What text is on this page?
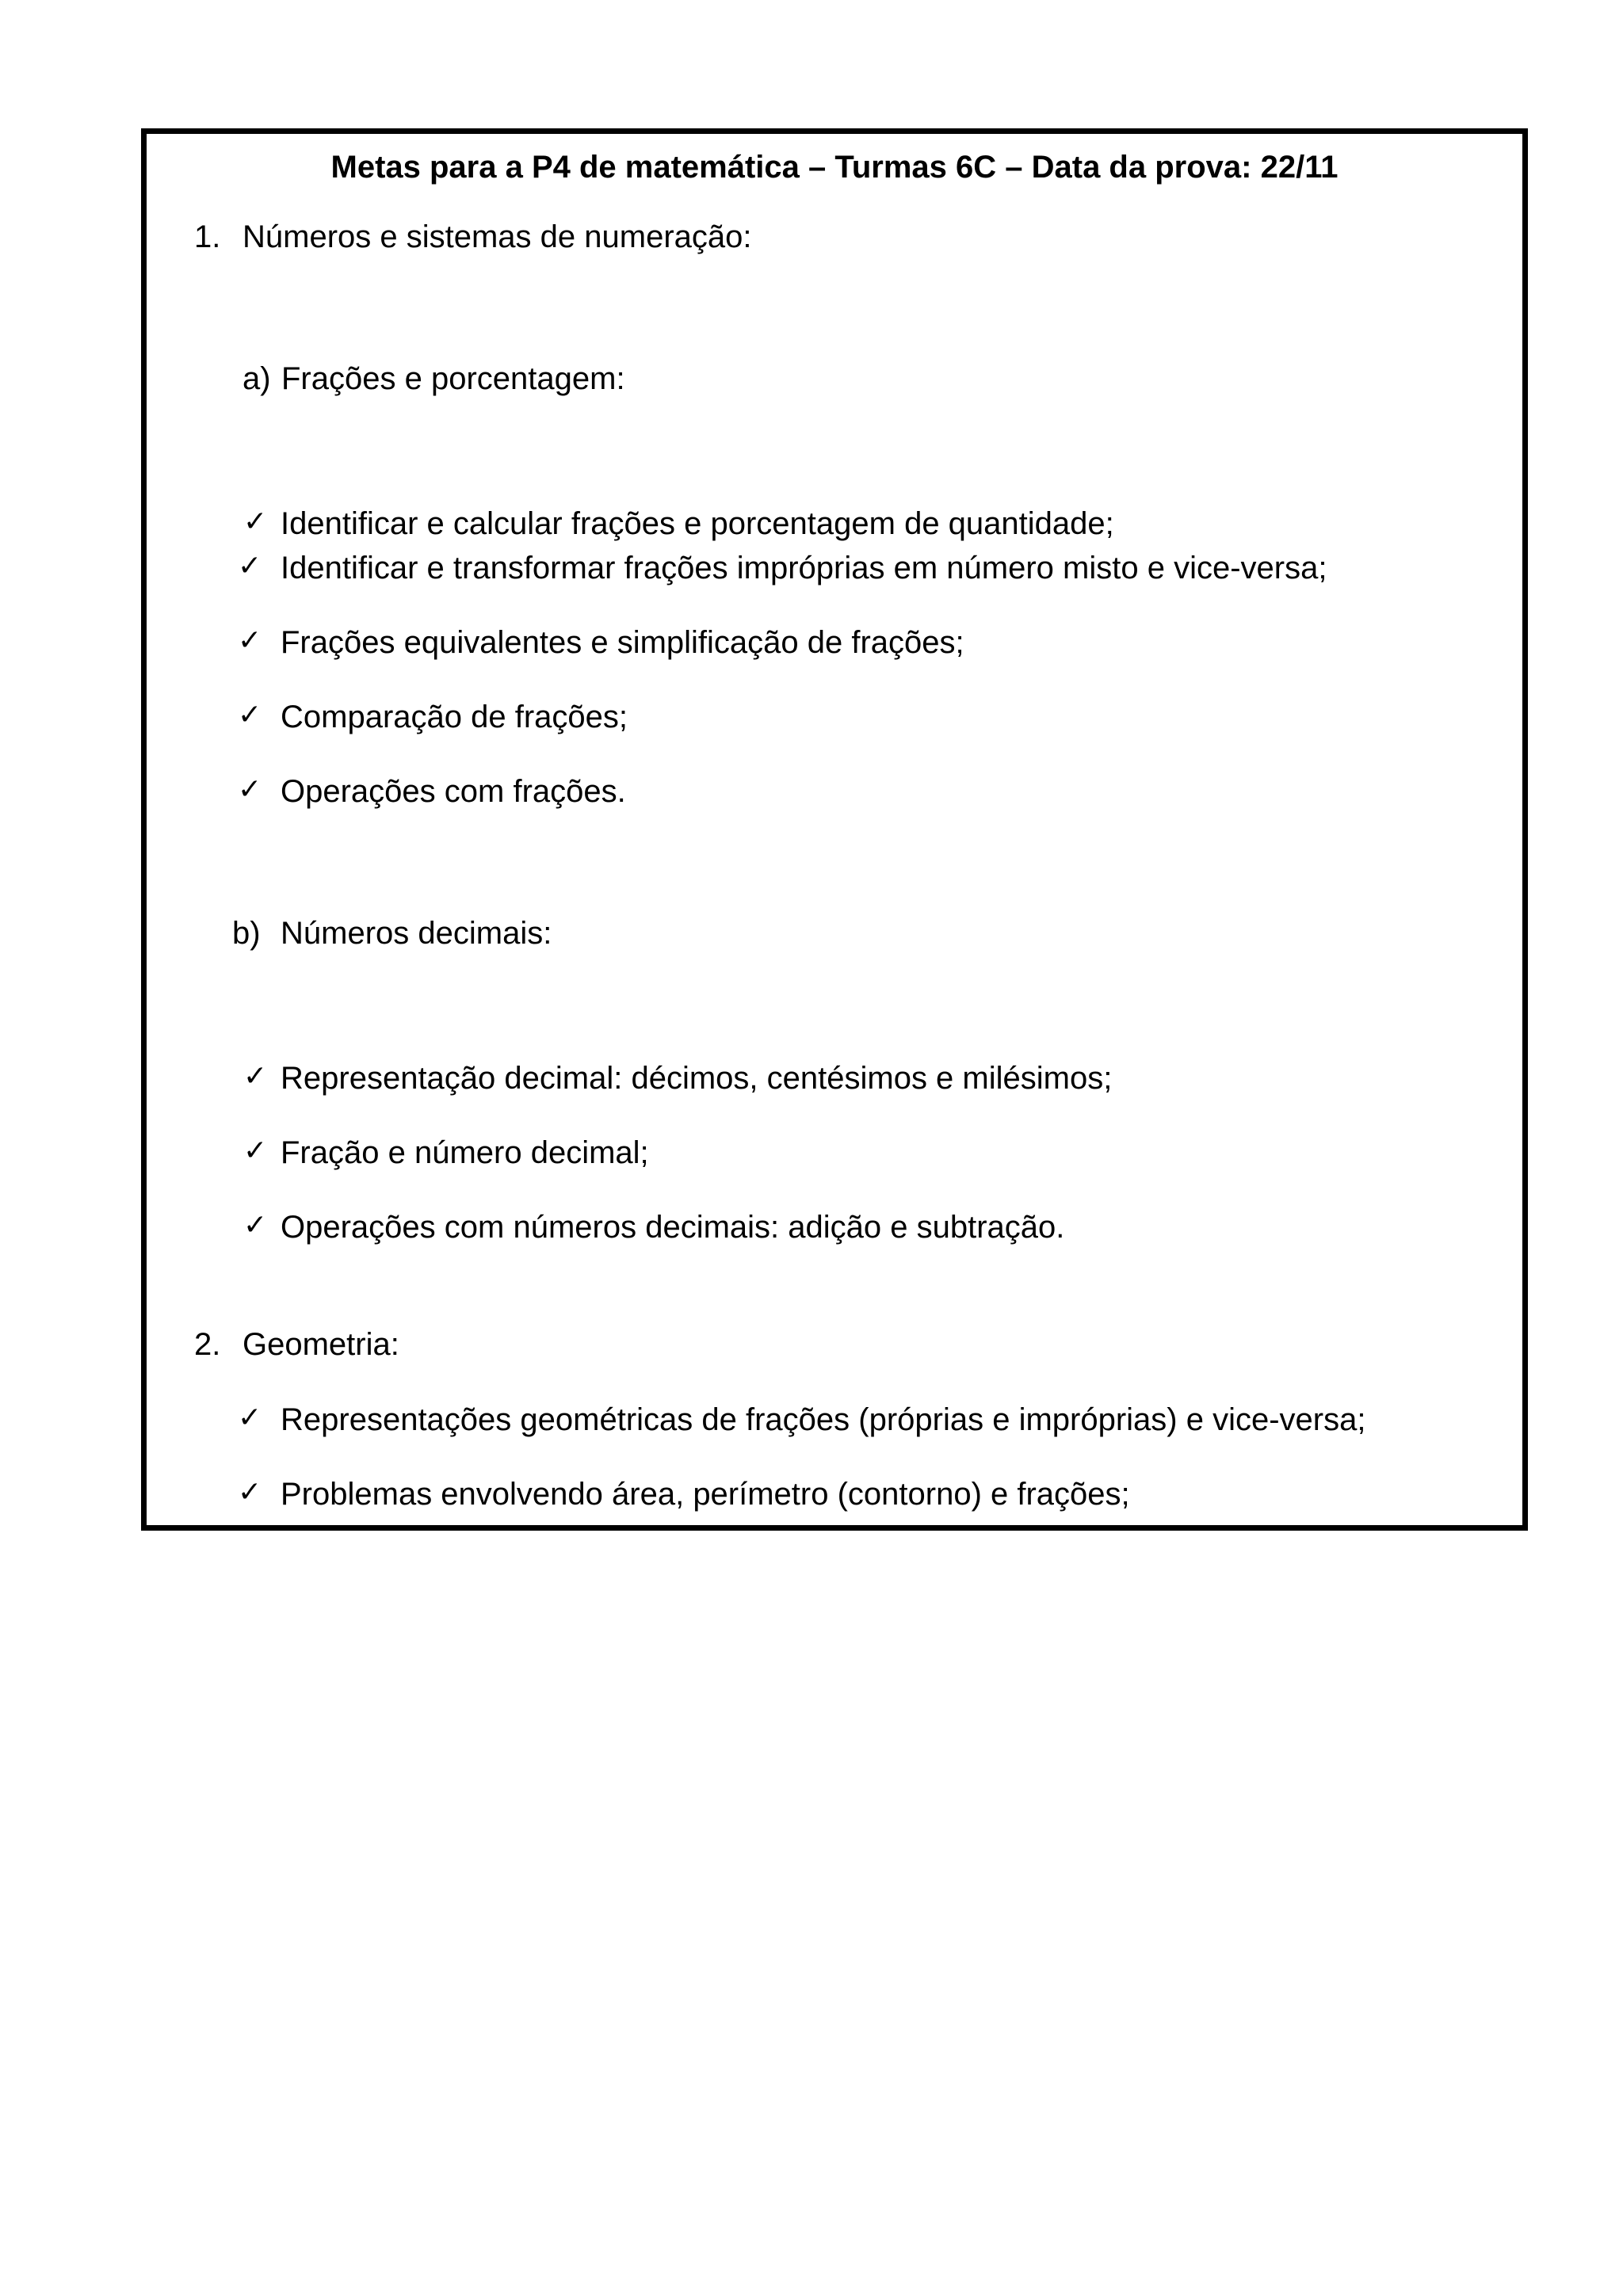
Metas para a P4 de matemática – Turmas 6C – Data da prova: 22/11
1. Números e sistemas de numeração:
a) Frações e porcentagem:
✓ Identificar e calcular frações e porcentagem de quantidade;
✓ Identificar e transformar frações impróprias em número misto e vice-versa;
✓ Frações equivalentes e simplificação de frações;
✓ Comparação de frações;
✓ Operações com frações.
b) Números decimais:
✓ Representação decimal: décimos, centésimos e milésimos;
✓ Fração e número decimal;
✓ Operações com números decimais: adição e subtração.
2. Geometria:
✓ Representações geométricas de frações (próprias e impróprias) e vice-versa;
✓ Problemas envolvendo área, perímetro (contorno) e frações;
